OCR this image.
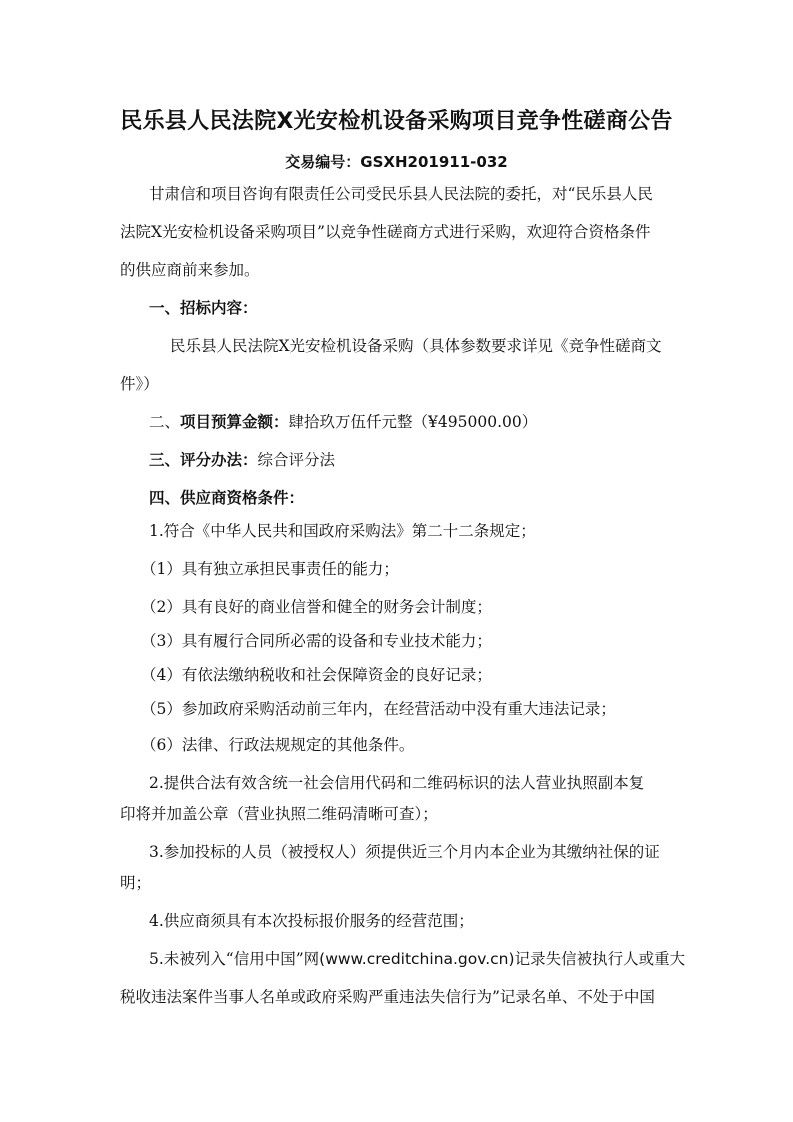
民乐县人民法院X光安检机设备采购项目竞争性磋商公告
交易编号：GSXH201911-032
甘肃信和项目咨询有限责任公司受民乐县人民法院的委托，对“民乐县人民
法院X光安检机设备采购项目”以竞争性磋商方式进行采购，欢迎符合资格条件
的供应商前来参加。
一、招标内容：
民乐县人民法院X光安检机设备采购（具体参数要求详见《竞争性磋商文
件》）
二、项目预算金额：肆拾玖万伍仟元整（¥495000.00）
三、评分办法：综合评分法
四、供应商资格条件：
1.符合《中华人民共和国政府采购法》第二十二条规定；
（1）具有独立承担民事责任的能力；
（2）具有良好的商业信誉和健全的财务会计制度；
（3）具有履行合同所必需的设备和专业技术能力；
（4）有依法缴纳税收和社会保障资金的良好记录；
（5）参加政府采购活动前三年内，在经营活动中没有重大违法记录；
（6）法律、行政法规规定的其他条件。
2.提供合法有效含统一社会信用代码和二维码标识的法人营业执照副本复
印将并加盖公章（营业执照二维码清晰可查）；
3.参加投标的人员（被授权人）须提供近三个月内本企业为其缴纳社保的证
明；
4.供应商须具有本次投标报价服务的经营范围；
5.未被列入“信用中国”网(www.creditchina.gov.cn)记录失信被执行人或重大
税收违法案件当事人名单或政府采购严重违法失信行为”记录名单、不处于中国
